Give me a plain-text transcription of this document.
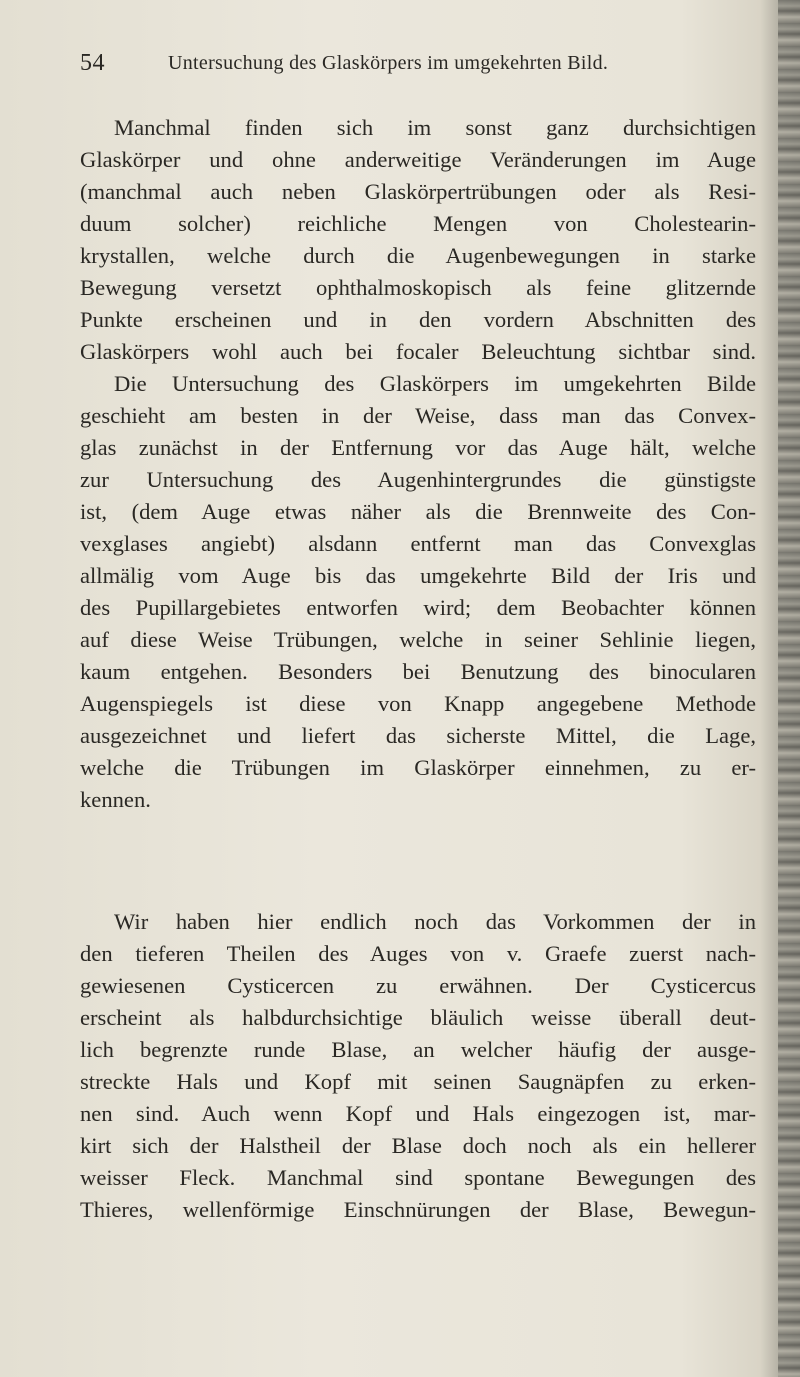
54	Untersuchung des Glaskörpers im umgekehrten Bild.
Manchmal finden sich im sonst ganz durchsichtigen
Glaskörper und ohne anderweitige Veränderungen im Auge
(manchmal auch neben Glaskörpertrübungen oder als Resi-
duum solcher) reichliche Mengen von Cholestearin-
krystallen, welche durch die Augenbewegungen in starke
Bewegung versetzt ophthalmoskopisch als feine glitzernde
Punkte erscheinen und in den vordern Abschnitten des
Glaskörpers wohl auch bei focaler Beleuchtung sichtbar sind.
Die Untersuchung des Glaskörpers im umgekehrten Bilde
geschieht am besten in der Weise, dass man das Convex-
glas zunächst in der Entfernung vor das Auge hält, welche
zur Untersuchung des Augenhintergrundes die günstigste
ist, (dem Auge etwas näher als die Brennweite des Con-
vexglases angiebt) alsdann entfernt man das Convexglas
allmälig vom Auge bis das umgekehrte Bild der Iris und
des Pupillargebietes entworfen wird; dem Beobachter können
auf diese Weise Trübungen, welche in seiner Sehlinie liegen,
kaum entgehen. Besonders bei Benutzung des binocularen
Augenspiegels ist diese von Knapp angegebene Methode
ausgezeichnet und liefert das sicherste Mittel, die Lage,
welche die Trübungen im Glaskörper einnehmen, zu er-
kennen.
Wir haben hier endlich noch das Vorkommen der in
den tieferen Theilen des Auges von v. Graefe zuerst nach-
gewiesenen Cysticercen zu erwähnen. Der Cysticercus
erscheint als halbdurchsichtige bläulich weisse überall deut-
lich begrenzte runde Blase, an welcher häufig der ausge-
streckte Hals und Kopf mit seinen Saugnäpfen zu erken-
nen sind. Auch wenn Kopf und Hals eingezogen ist, mar-
kirt sich der Halstheil der Blase doch noch als ein hellerer
weisser Fleck. Manchmal sind spontane Bewegungen des
Thieres, wellenförmige Einschnürungen der Blase, Bewegun-
